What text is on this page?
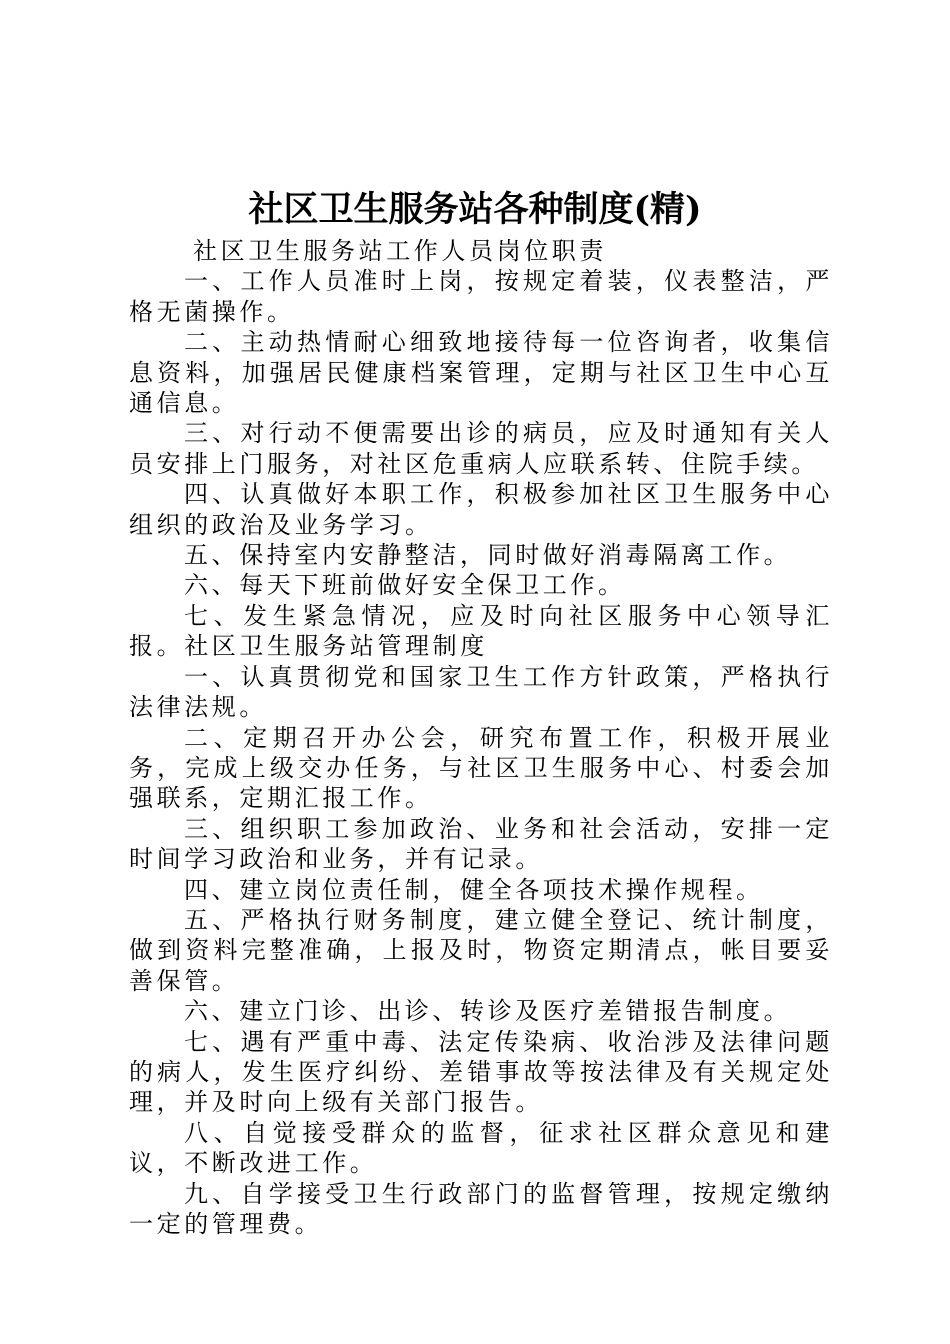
社区卫生服务站各种制度(精)

社区卫生服务站工作人员岗位职责

一、工作人员准时上岗，按规定着装，仪表整洁，严格无菌操作。

二、主动热情耐心细致地接待每一位咨询者，收集信息资料，加强居民健康档案管理，定期与社区卫生中心互通信息。

三、对行动不便需要出诊的病员，应及时通知有关人员安排上门服务，对社区危重病人应联系转、住院手续。

四、认真做好本职工作，积极参加社区卫生服务中心组织的政治及业务学习。

五、保持室内安静整洁，同时做好消毒隔离工作。

六、每天下班前做好安全保卫工作。

七、发生紧急情况，应及时向社区服务中心领导汇报。社区卫生服务站管理制度

一、认真贯彻党和国家卫生工作方针政策，严格执行法律法规。

二、定期召开办公会，研究布置工作，积极开展业务，完成上级交办任务，与社区卫生服务中心、村委会加强联系，定期汇报工作。

三、组织职工参加政治、业务和社会活动，安排一定时间学习政治和业务，并有记录。

四、建立岗位责任制，健全各项技术操作规程。

五、严格执行财务制度，建立健全登记、统计制度，做到资料完整准确，上报及时，物资定期清点，帐目要妥善保管。

六、建立门诊、出诊、转诊及医疗差错报告制度。

七、遇有严重中毒、法定传染病、收治涉及法律问题的病人，发生医疗纠纷、差错事故等按法律及有关规定处理，并及时向上级有关部门报告。

八、自觉接受群众的监督，征求社区群众意见和建议，不断改进工作。

九、自学接受卫生行政部门的监督管理，按规定缴纳一定的管理费。
